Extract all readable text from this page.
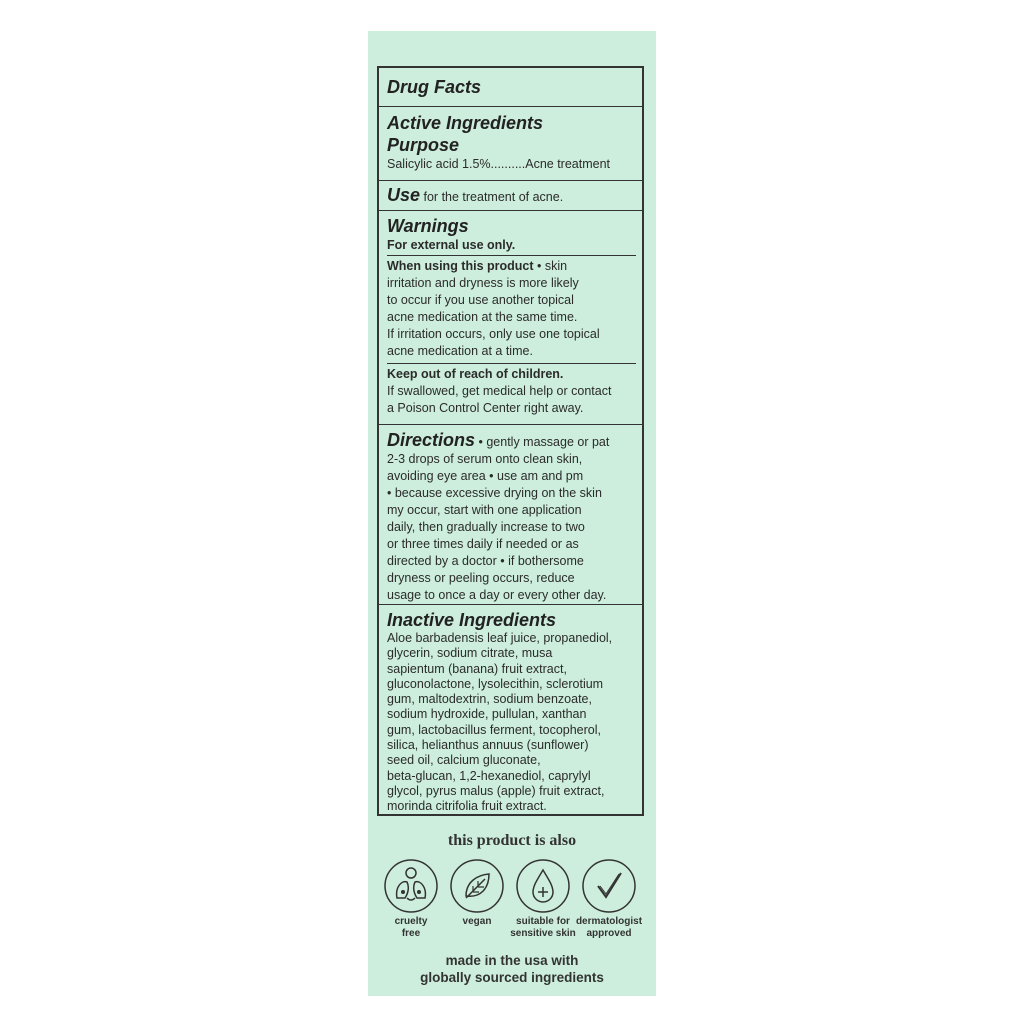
Drug Facts
Active Ingredients
Purpose
Salicylic acid 1.5%..........Acne treatment
Use for the treatment of acne.
Warnings
For external use only.

When using this product • skin
irritation and dryness is more likely
to occur if you use another topical
acne medication at the same time.
If irritation occurs, only use one topical
acne medication at a time.

Keep out of reach of children.

If swallowed, get medical help or contact
a Poison Control Center right away.

Directions • gently massage or pat

2-3 drops of serum onto clean skin,
avoiding eye area • use am and pm
• because excessive drying on the skin
my occur, start with one application
daily, then gradually increase to two
or three times daily if needed or as
directed by a doctor • if bothersome
dryness or peeling occurs, reduce
usage to once a day or every other day.

Inactive Ingredients

Aloe barbadensis leaf juice, propanediol,
glycerin, sodium citrate, musa
sapientum (banana) fruit extract,
gluconolactone, lysolecithin, sclerotium
gum, maltodextrin, sodium benzoate,
sodium hydroxide, pullulan, xanthan
gum, lactobacillus ferment, tocopherol,
silica, helianthus annuus (sunflower)
seed oil, calcium gluconate,
beta-glucan, 1,2-hexanediol, caprylyl
glycol, pyrus malus (apple) fruit extract,
morinda citrifolia fruit extract.

this product is also
cruelty
free
vegan	suitable for
sensitive skin
dermatologist
approved
made in the usa with
globally sourced ingredients
